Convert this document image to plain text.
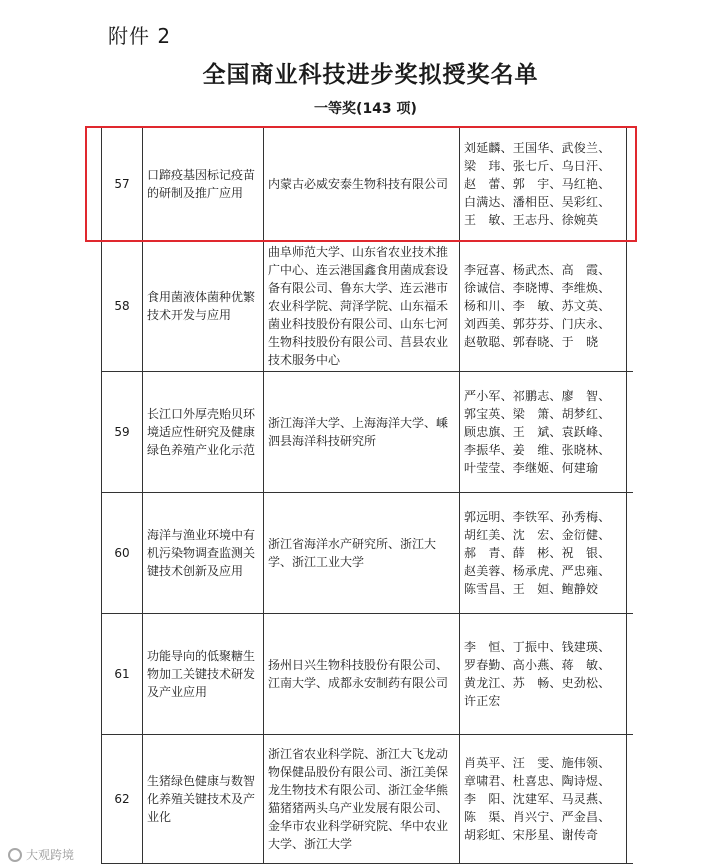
附件 2
全国商业科技进步奖拟授奖名单
一等奖(143 项)
57	口蹄疫基因标记疫苗的研制及推广应用	内蒙古必威安泰生物科技有限公司	刘延麟、王国华、武俊兰、
梁　玮、张七斤、乌日汗、
赵　蕾、郭　宇、马红艳、
白满达、潘相臣、吴彩红、
王　敏、王志丹、徐婉英

58	食用菌液体菌种优繁技术开发与应用	曲阜师范大学、山东省农业技术推广中心、连云港国鑫食用菌成套设备有限公司、鲁东大学、连云港市农业科学院、菏泽学院、山东福禾菌业科技股份有限公司、山东七河生物科技股份有限公司、莒县农业技术服务中心	李冠喜、杨武杰、高　霞、
徐诚信、李晓博、李维焕、
杨和川、李　敏、苏文英、
刘西美、郭芬芬、门庆永、
赵敬聪、郭春晓、于　晓

59	长江口外厚壳贻贝环境适应性研究及健康绿色养殖产业化示范	浙江海洋大学、上海海洋大学、嵊泗县海洋科技研究所	严小军、祁鹏志、廖　智、
郭宝英、梁　箫、胡梦红、
顾忠旗、王　斌、袁跃峰、
李振华、姜　维、张晓林、
叶莹莹、李继姬、何建瑜

60	海洋与渔业环境中有机污染物调查监测关键技术创新及应用	浙江省海洋水产研究所、浙江大学、浙江工业大学	郭远明、李铁军、孙秀梅、
胡红美、沈　宏、金衍健、
郝　青、薛　彬、祝　银、
赵美蓉、杨承虎、严忠雍、
陈雪昌、王　姮、鲍静姣

61	功能导向的低聚糖生物加工关键技术研发及产业应用	扬州日兴生物科技股份有限公司、江南大学、成都永安制药有限公司	李　恒、丁振中、钱建瑛、
罗春勤、高小燕、蒋　敏、
黄龙江、苏　畅、史劲松、
许正宏

62	生猪绿色健康与数智化养殖关键技术及产业化	浙江省农业科学院、浙江大飞龙动物保健品股份有限公司、浙江美保龙生物技术有限公司、浙江金华熊猫猪猪两头乌产业发展有限公司、金华市农业科学研究院、华中农业大学、浙江大学	肖英平、汪　雯、施伟领、
章啸君、杜喜忠、陶诗煜、
李　阳、沈建军、马灵燕、
陈　渠、肖兴宁、严金昌、
胡彩虹、宋彤星、谢传奇
大观跨境
